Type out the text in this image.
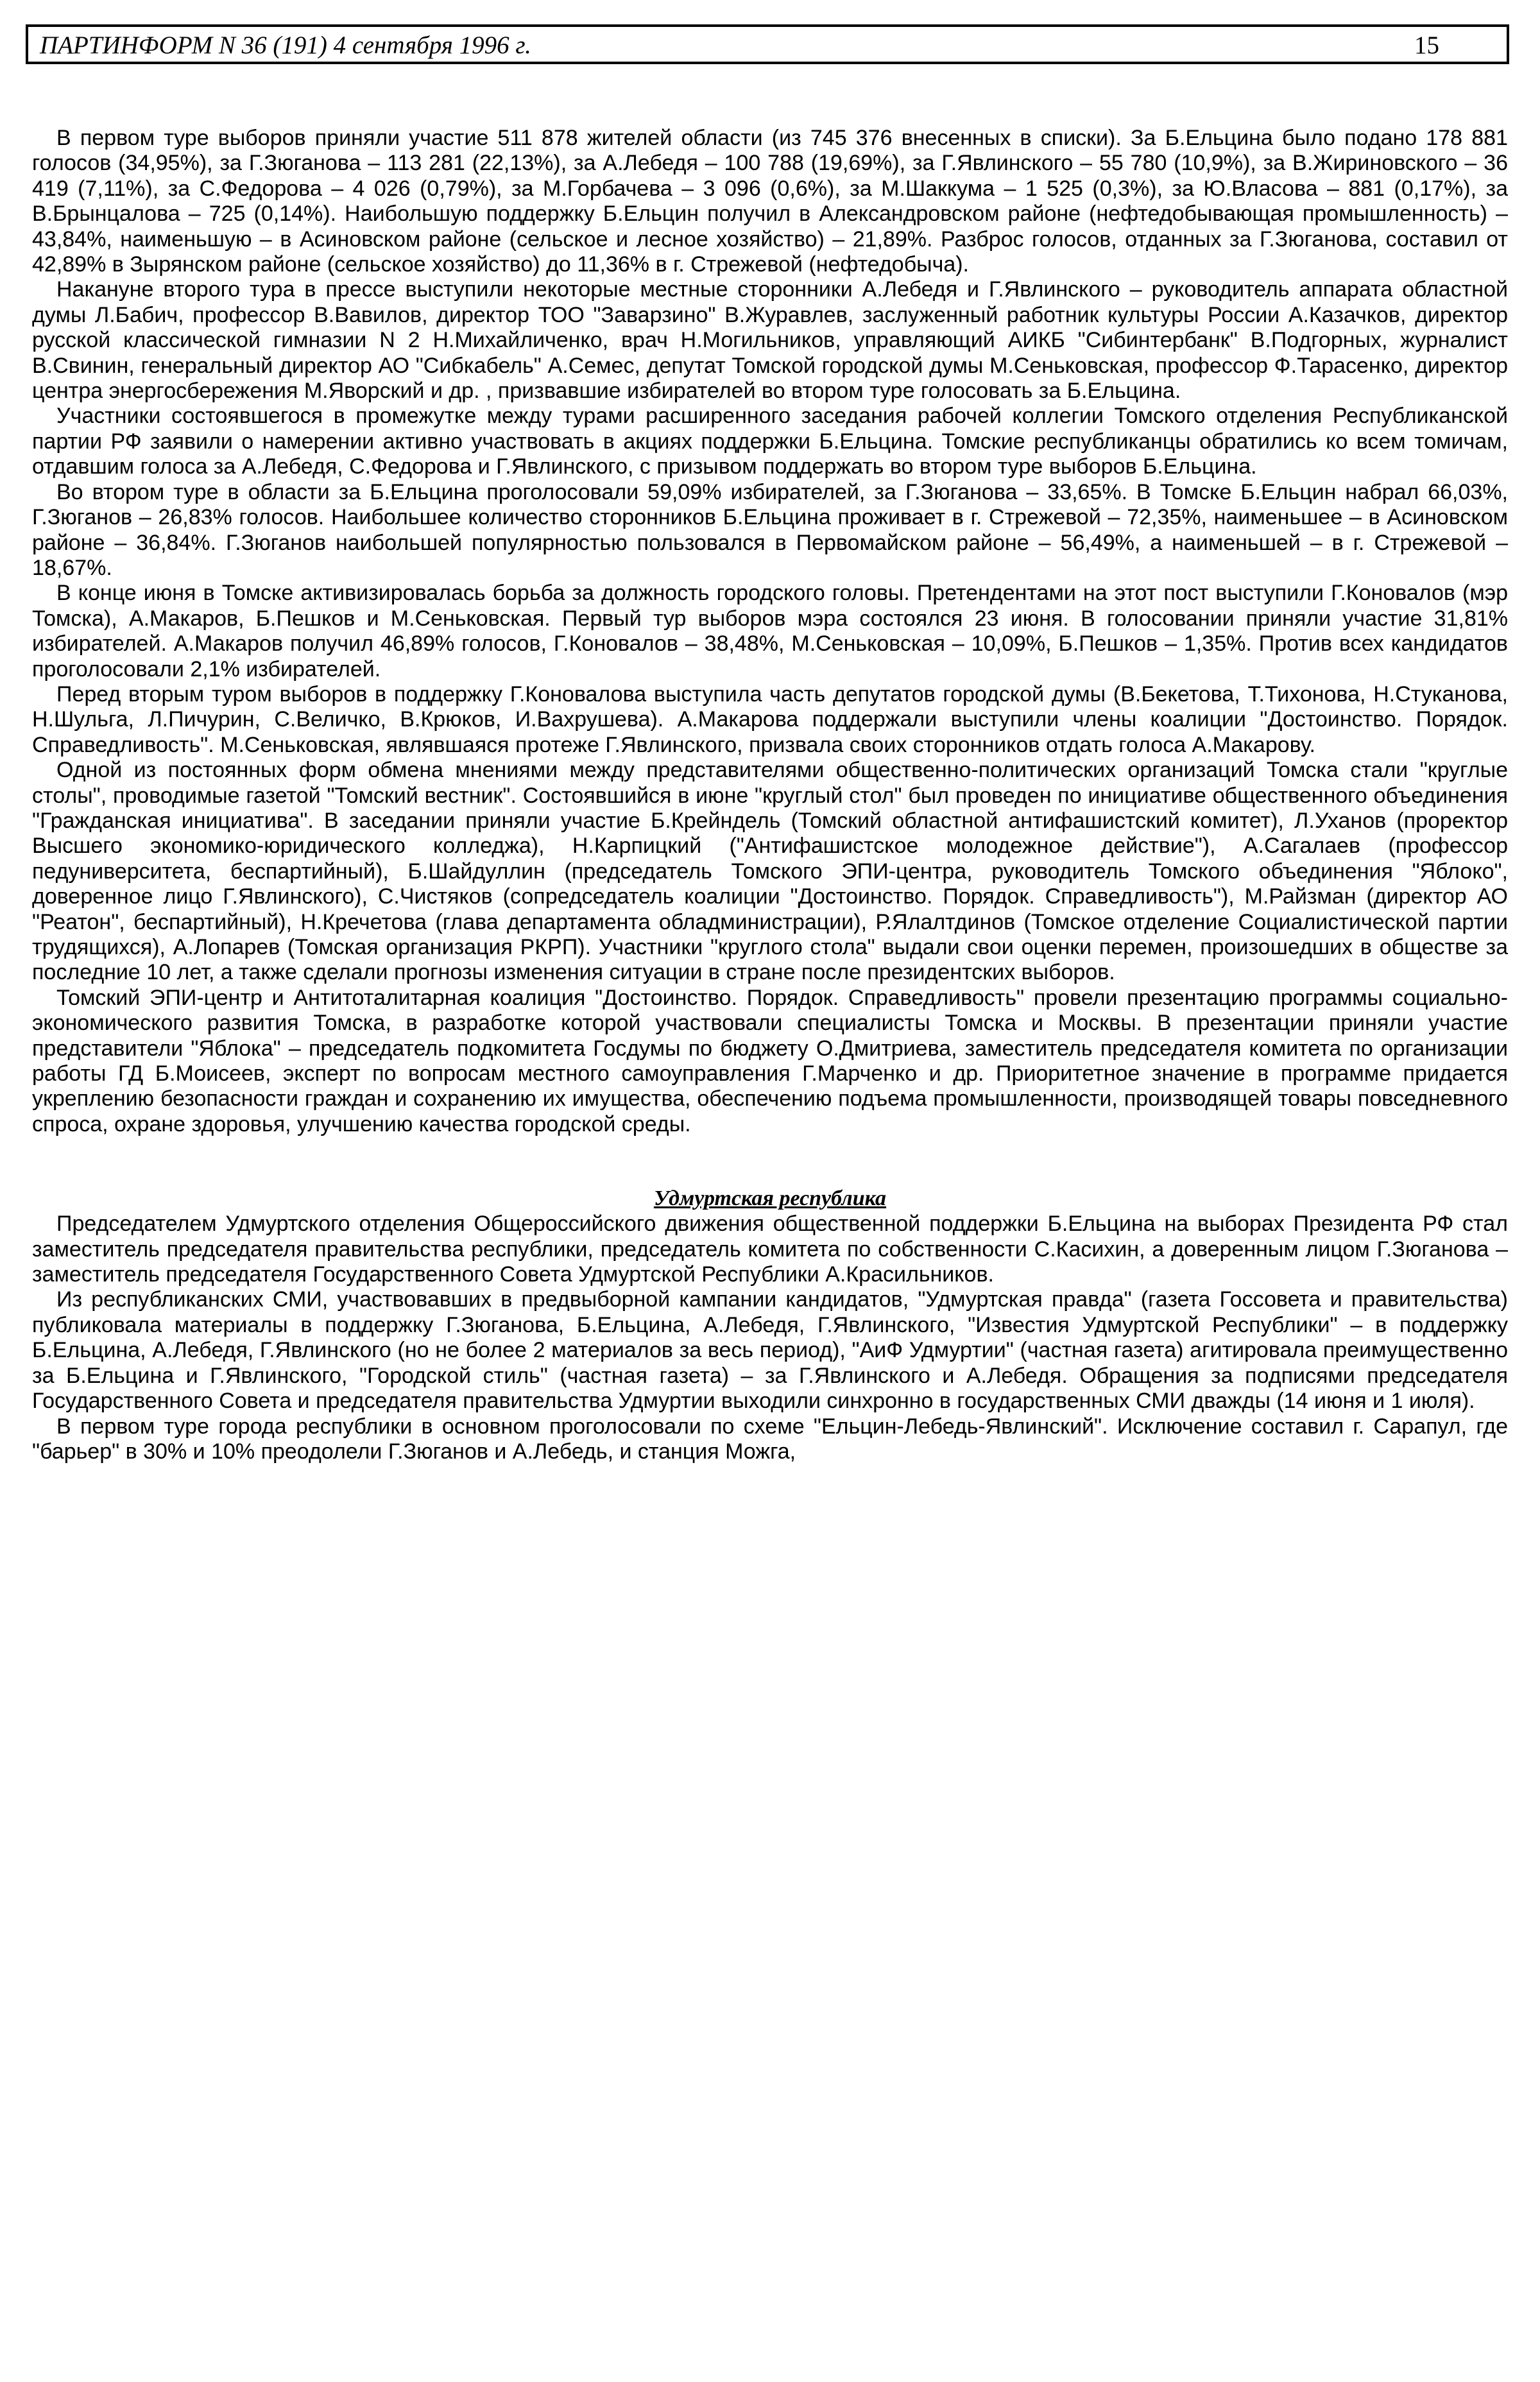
ПАРТИНФОРМ N 36 (191) 4 сентября 1996 г.	15

В первом туре выборов приняли участие 511 878 жителей области (из 745 376 внесенных в списки). За Б.Ельцина было подано 178 881 голосов (34,95%), за Г.Зюганова – 113 281 (22,13%), за А.Лебедя – 100 788 (19,69%), за Г.Явлинского – 55 780 (10,9%), за В.Жириновского – 36 419 (7,11%), за С.Федорова – 4 026 (0,79%), за М.Горбачева – 3 096 (0,6%), за М.Шаккума – 1 525 (0,3%), за Ю.Власова – 881 (0,17%), за В.Брынцалова – 725 (0,14%). Наибольшую поддержку Б.Ельцин получил в Александровском районе (нефтедобывающая промышленность) – 43,84%, наименьшую – в Асиновском районе (сельское и лесное хозяйство) – 21,89%. Разброс голосов, отданных за Г.Зюганова, составил от 42,89% в Зырянском районе (сельское хозяйство) до 11,36% в г. Стрежевой (нефтедобыча).

Накануне второго тура в прессе выступили некоторые местные сторонники А.Лебедя и Г.Явлинского – руководитель аппарата областной думы Л.Бабич, профессор В.Вавилов, директор ТОО "Заварзино" В.Журавлев, заслуженный работник культуры России А.Казачков, директор русской классической гимназии N 2 Н.Михайличенко, врач Н.Могильников, управляющий АИКБ "Сибинтербанк" В.Подгорных, журналист В.Свинин, генеральный директор АО "Сибкабель" А.Семес, депутат Томской городской думы М.Сеньковская, профессор Ф.Тарасенко, директор центра энергосбережения М.Яворский и др. , призвавшие избирателей во втором туре голосовать за Б.Ельцина.

Участники состоявшегося в промежутке между турами расширенного заседания рабочей коллегии Томского отделения Республиканской партии РФ заявили о намерении активно участвовать в акциях поддержки Б.Ельцина. Томские республиканцы обратились ко всем томичам, отдавшим голоса за А.Лебедя, С.Федорова и Г.Явлинского, с призывом поддержать во втором туре выборов Б.Ельцина.

Во втором туре в области за Б.Ельцина проголосовали 59,09% избирателей, за Г.Зюганова – 33,65%. В Томске Б.Ельцин набрал 66,03%, Г.Зюганов – 26,83% голосов. Наибольшее количество сторонников Б.Ельцина проживает в г. Стрежевой – 72,35%, наименьшее – в Асиновском районе – 36,84%. Г.Зюганов наибольшей популярностью пользовался в Первомайском районе – 56,49%, а наименьшей – в г. Стрежевой – 18,67%.

В конце июня в Томске активизировалась борьба за должность городского головы. Претендентами на этот пост выступили Г.Коновалов (мэр Томска), А.Макаров, Б.Пешков и М.Сеньковская. Первый тур выборов мэра состоялся 23 июня. В голосовании приняли участие 31,81% избирателей. А.Макаров получил 46,89% голосов, Г.Коновалов – 38,48%, М.Сеньковская – 10,09%, Б.Пешков – 1,35%. Против всех кандидатов проголосовали 2,1% избирателей.

Перед вторым туром выборов в поддержку Г.Коновалова выступила часть депутатов городской думы (В.Бекетова, Т.Тихонова, Н.Стуканова, Н.Шульга, Л.Пичурин, С.Величко, В.Крюков, И.Вахрушева). А.Макарова поддержали выступили члены коалиции "Достоинство. Порядок. Справедливость". М.Сеньковская, являвшаяся протеже Г.Явлинского, призвала своих сторонников отдать голоса А.Макарову.

Одной из постоянных форм обмена мнениями между представителями общественно-политических организаций Томска стали "круглые столы", проводимые газетой "Томский вестник". Состоявшийся в июне "круглый стол" был проведен по инициативе общественного объединения "Гражданская инициатива". В заседании приняли участие Б.Крейндель (Томский областной антифашистский комитет), Л.Уханов (проректор Высшего экономико-юридического колледжа), Н.Карпицкий ("Антифашистское молодежное действие"), А.Сагалаев (профессор педуниверситета, беспартийный), Б.Шайдуллин (председатель Томского ЭПИ-центра, руководитель Томского объединения "Яблоко", доверенное лицо Г.Явлинского), С.Чистяков (сопредседатель коалиции "Достоинство. Порядок. Справедливость"), М.Райзман (директор АО "Реатон", беспартийный), Н.Кречетова (глава департамента обладминистрации), Р.Ялалтдинов (Томское отделение Социалистической партии трудящихся), А.Лопарев (Томская организация РКРП). Участники "круглого стола" выдали свои оценки перемен, произошедших в обществе за последние 10 лет, а также сделали прогнозы изменения ситуации в стране после президентских выборов.

Томский ЭПИ-центр и Антитоталитарная коалиция "Достоинство. Порядок. Справедливость" провели презентацию программы социально-экономического развития Томска, в разработке которой участвовали специалисты Томска и Москвы. В презентации приняли участие представители "Яблока" – председатель подкомитета Госдумы по бюджету О.Дмитриева, заместитель председателя комитета по организации работы ГД Б.Моисеев, эксперт по вопросам местного самоуправления Г.Марченко и др. Приоритетное значение в программе придается укреплению безопасности граждан и сохранению их имущества, обеспечению подъема промышленности, производящей товары повседневного спроса, охране здоровья, улучшению качества городской среды.

Удмуртская республика

Председателем Удмуртского отделения Общероссийского движения общественной поддержки Б.Ельцина на выборах Президента РФ стал заместитель председателя правительства республики, председатель комитета по собственности С.Касихин, а доверенным лицом Г.Зюганова – заместитель председателя Государственного Совета Удмуртской Республики А.Красильников.

Из республиканских СМИ, участвовавших в предвыборной кампании кандидатов, "Удмуртская правда" (газета Госсовета и правительства) публиковала материалы в поддержку Г.Зюганова, Б.Ельцина, А.Лебедя, Г.Явлинского, "Известия Удмуртской Республики" – в поддержку Б.Ельцина, А.Лебедя, Г.Явлинского (но не более 2 материалов за весь период), "АиФ Удмуртии" (частная газета) агитировала преимущественно за Б.Ельцина и Г.Явлинского, "Городской стиль" (частная газета) – за Г.Явлинского и А.Лебедя. Обращения за подписями председателя Государственного Совета и председателя правительства Удмуртии выходили синхронно в государственных СМИ дважды (14 июня и 1 июля).

В первом туре города республики в основном проголосовали по схеме "Ельцин-Лебедь-Явлинский". Исключение составил г. Сарапул, где "барьер" в 30% и 10% преодолели Г.Зюганов и А.Лебедь, и станция Можга,
